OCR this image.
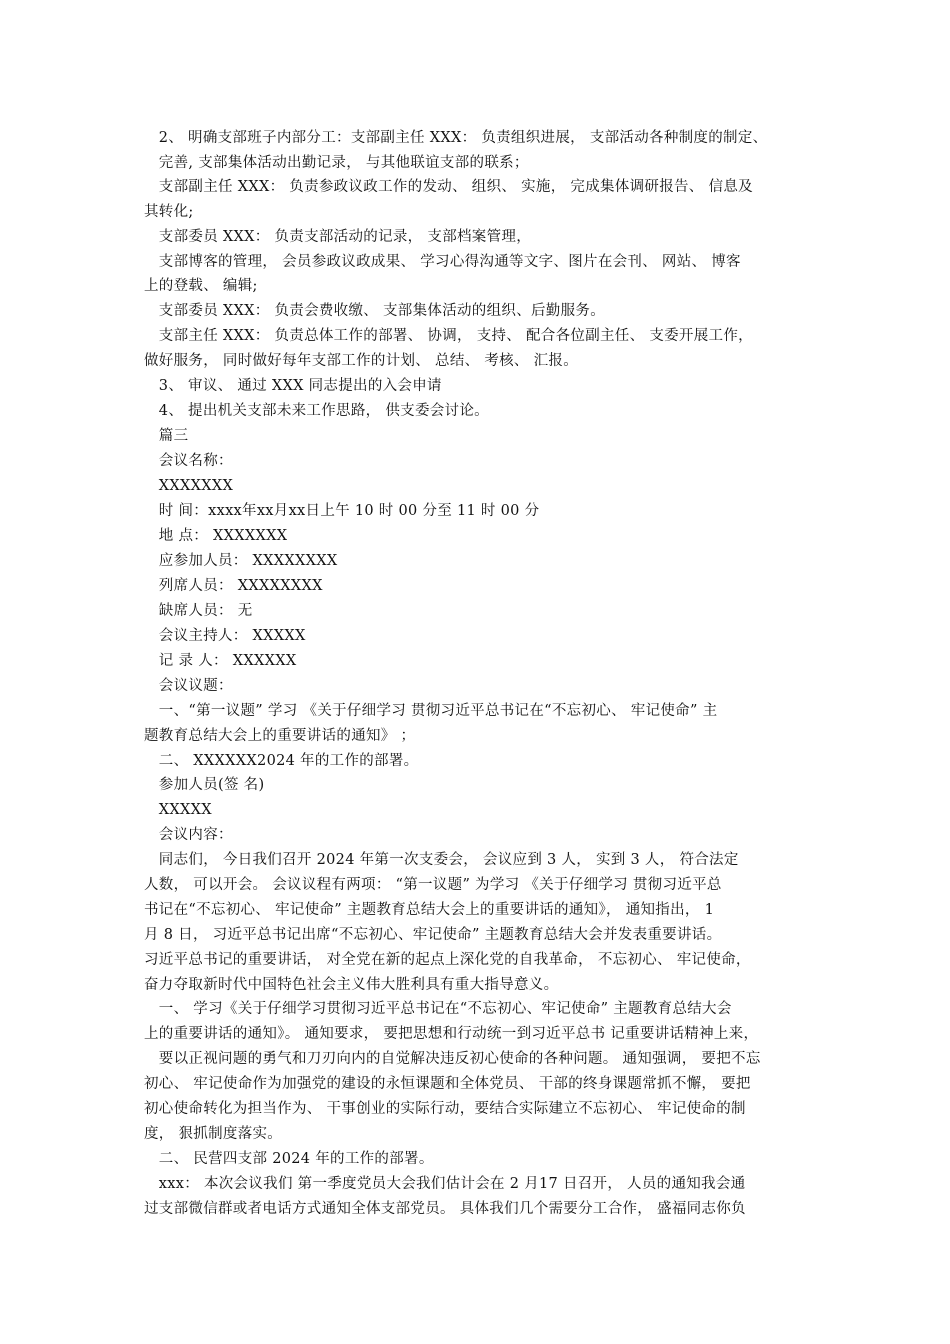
　2、 明确支部班子内部分工：支部副主任 XXX： 负责组织进展， 支部活动各种制度的制定、
　完善, 支部集体活动出勤记录， 与其他联谊支部的联系；
　支部副主任 XXX： 负责参政议政工作的发动、 组织、 实施， 完成集体调研报告、 信息及
其转化;
　支部委员 XXX： 负责支部活动的记录， 支部档案管理，
　支部博客的管理， 会员参政议政成果、 学习心得沟通等文字、图片在会刊、 网站、 博客
上的登载、 编辑;
　支部委员 XXX： 负责会费收缴、 支部集体活动的组织、后勤服务。
　支部主任 XXX： 负责总体工作的部署、 协调， 支持、 配合各位副主任、 支委开展工作，
做好服务， 同时做好每年支部工作的计划、 总结、 考核、 汇报。
　3、 审议、 通过 XXX 同志提出的入会申请
　4、 提出机关支部未来工作思路， 供支委会讨论。
　篇三
　会议名称：
　XXXXXXX
　时 间：xxxx年xx月xx日上午 10 时 00 分至 11 时 00 分
　地 点： XXXXXXX
　应参加人员： XXXXXXXX
　列席人员： XXXXXXXX
　缺席人员： 无
　会议主持人： XXXXX
　记 录 人： XXXXXX
　会议议题：
　一、“第一议题” 学习 《关于仔细学习 贯彻习近平总书记在“不忘初心、 牢记使命” 主
题教育总结大会上的重要讲话的通知》 ；
　二、 XXXXXX2024 年的工作的部署。
　参加人员(签 名)
　XXXXX
　会议内容：
　同志们， 今日我们召开 2024 年第一次支委会， 会议应到 3 人， 实到 3 人， 符合法定
人数， 可以开会。 会议议程有两项： “第一议题” 为学习 《关于仔细学习 贯彻习近平总
书记在“不忘初心、 牢记使命” 主题教育总结大会上的重要讲话的通知》， 通知指出， 1
月 8 日， 习近平总书记出席“不忘初心、牢记使命” 主题教育总结大会并发表重要讲话。
习近平总书记的重要讲话， 对全党在新的起点上深化党的自我革命， 不忘初心、 牢记使命，
奋力夺取新时代中国特色社会主义伟大胜利具有重大指导意义。
　一、 学习《关于仔细学习贯彻习近平总书记在“不忘初心、牢记使命” 主题教育总结大会
上的重要讲话的通知》。 通知要求， 要把思想和行动统一到习近平总书 记重要讲话精神上来，
　要以正视问题的勇气和刀刃向内的自觉解决违反初心使命的各种问题。 通知强调， 要把不忘
初心、 牢记使命作为加强党的建设的永恒课题和全体党员、 干部的终身课题常抓不懈， 要把
初心使命转化为担当作为、 干事创业的实际行动，要结合实际建立不忘初心、 牢记使命的制
度， 狠抓制度落实。
　二、 民营四支部 2024 年的工作的部署。
　xxx： 本次会议我们 第一季度党员大会我们估计会在 2 月17 日召开， 人员的通知我会通
过支部微信群或者电话方式通知全体支部党员。 具体我们几个需要分工合作， 盛福同志你负
